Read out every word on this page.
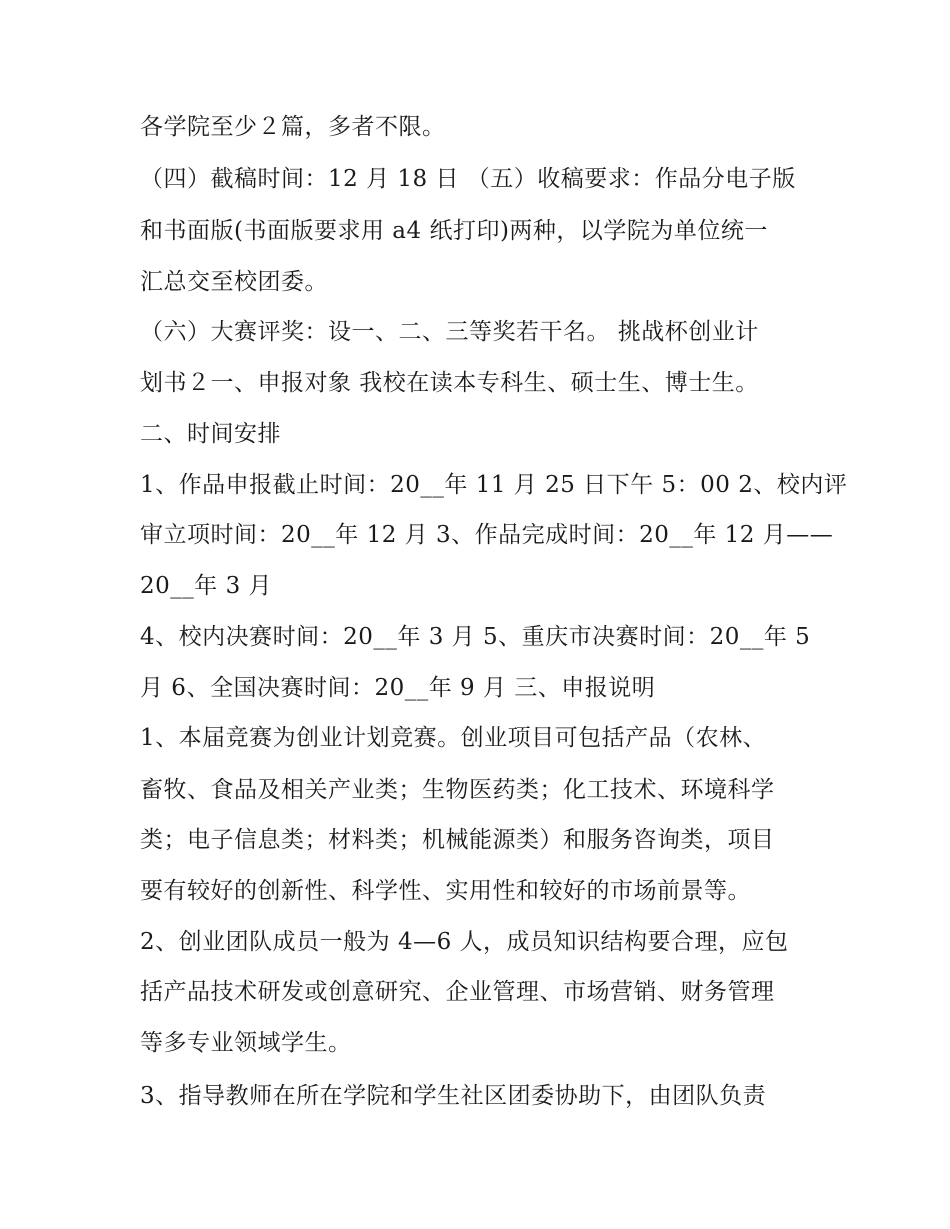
各学院至少２篇，多者不限。
（四）截稿时间：12 月 18 日 （五）收稿要求：作品分电子版
和书面版(书面版要求用 a4 纸打印)两种，以学院为单位统一
汇总交至校团委。
（六）大赛评奖：设一、二、三等奖若干名。 挑战杯创业计
划书２一、申报对象 我校在读本专科生、硕士生、博士生。
二、时间安排
1、作品申报截止时间：20__年 11 月 25 日下午 5：00 2、校内评
审立项时间：20__年 12 月 3、作品完成时间：20__年 12 月——
20__年 3 月
4、校内决赛时间：20__年 3 月 5、重庆市决赛时间：20__年 5
月 6、全国决赛时间：20__年 9 月 三、申报说明
1、本届竞赛为创业计划竞赛。创业项目可包括产品（农林、
畜牧、食品及相关产业类；生物医药类；化工技术、环境科学
类；电子信息类；材料类；机械能源类）和服务咨询类，项目
要有较好的创新性、科学性、实用性和较好的市场前景等。
2、创业团队成员一般为 4—6 人，成员知识结构要合理，应包
括产品技术研发或创意研究、企业管理、市场营销、财务管理
等多专业领域学生。
3、指导教师在所在学院和学生社区团委协助下，由团队负责
